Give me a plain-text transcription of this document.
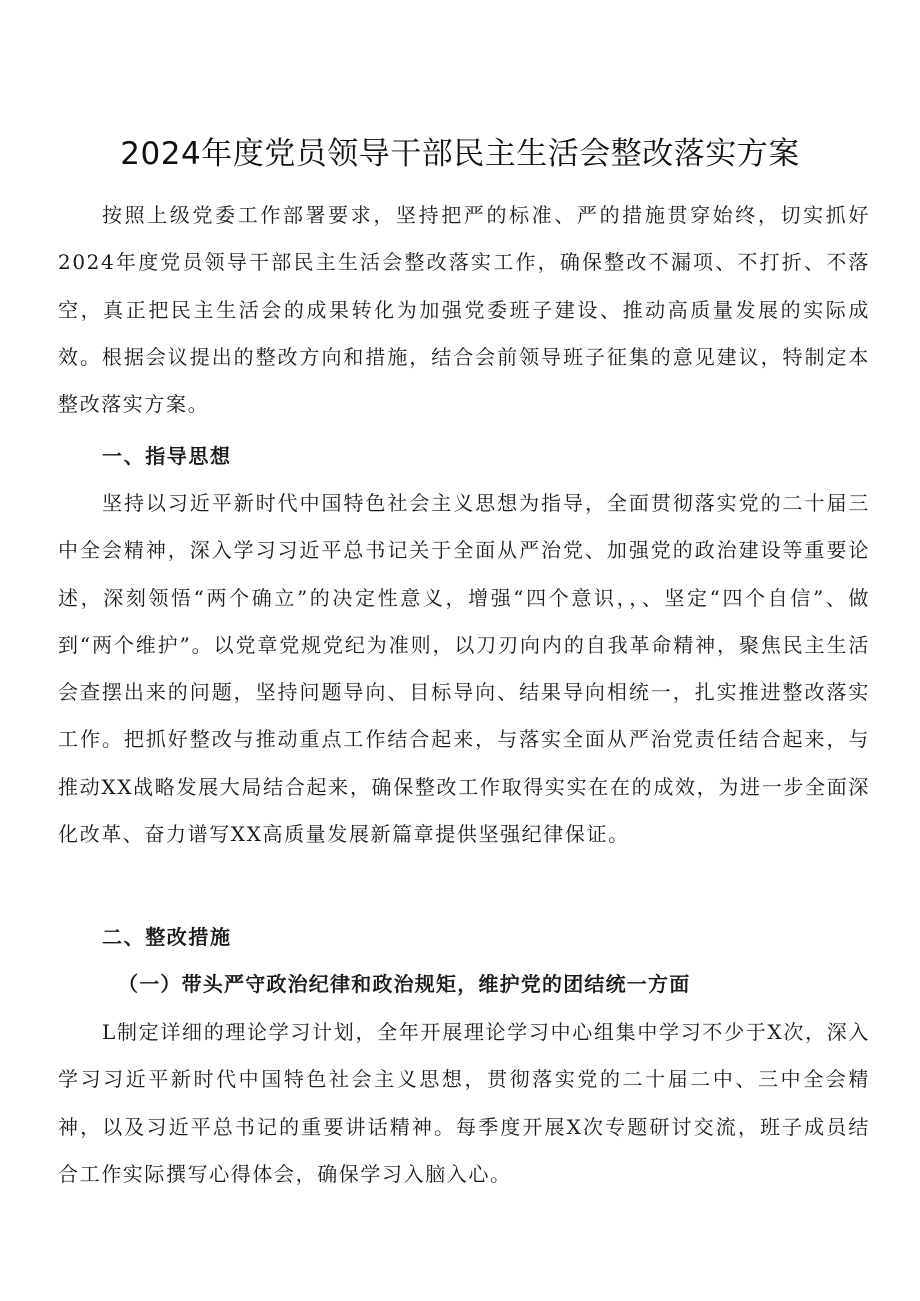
2024年度党员领导干部民主生活会整改落实方案

按照上级党委工作部署要求，坚持把严的标准、严的措施贯穿始终，切实抓好2024年度党员领导干部民主生活会整改落实工作，确保整改不漏项、不打折、不落空，真正把民主生活会的成果转化为加强党委班子建设、推动高质量发展的实际成效。根据会议提出的整改方向和措施，结合会前领导班子征集的意见建议，特制定本整改落实方案。

一、指导思想

坚持以习近平新时代中国特色社会主义思想为指导，全面贯彻落实党的二十届三中全会精神，深入学习习近平总书记关于全面从严治党、加强党的政治建设等重要论述，深刻领悟“两个确立”的决定性意义，增强“四个意识，，、坚定“四个自信”、做到“两个维护”。以党章党规党纪为准则，以刀刃向内的自我革命精神，聚焦民主生活会查摆出来的问题，坚持问题导向、目标导向、结果导向相统一，扎实推进整改落实工作。把抓好整改与推动重点工作结合起来，与落实全面从严治党责任结合起来，与推动XX战略发展大局结合起来，确保整改工作取得实实在在的成效，为进一步全面深化改革、奋力谱写XX高质量发展新篇章提供坚强纪律保证。

二、整改措施

（一）带头严守政治纪律和政治规矩，维护党的团结统一方面

L制定详细的理论学习计划，全年开展理论学习中心组集中学习不少于X次，深入学习习近平新时代中国特色社会主义思想，贯彻落实党的二十届二中、三中全会精神，以及习近平总书记的重要讲话精神。每季度开展X次专题研讨交流，班子成员结合工作实际撰写心得体会，确保学习入脑入心。
